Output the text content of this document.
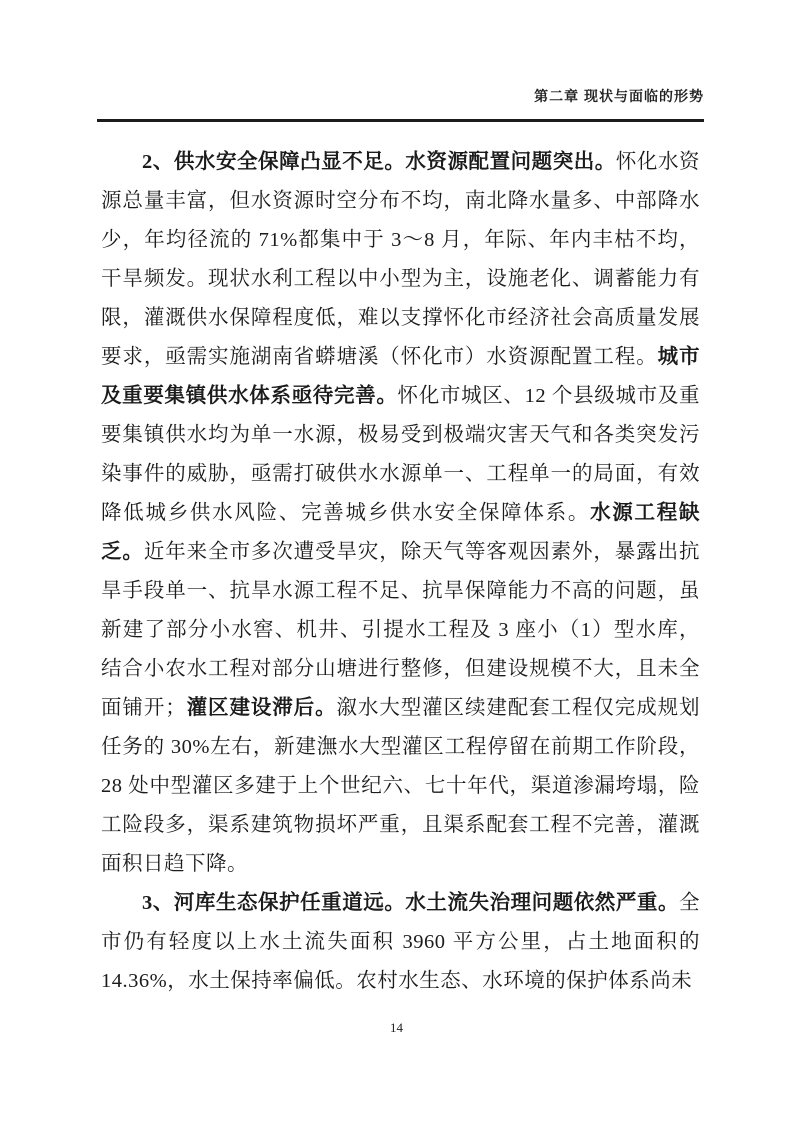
第二章 现状与面临的形势

2、供水安全保障凸显不足。水资源配置问题突出。怀化水资源总量丰富，但水资源时空分布不均，南北降水量多、中部降水少，年均径流的 71%都集中于 3～8 月，年际、年内丰枯不均，干旱频发。现状水利工程以中小型为主，设施老化、调蓄能力有限，灌溉供水保障程度低，难以支撑怀化市经济社会高质量发展要求，亟需实施湖南省蟒塘溪（怀化市）水资源配置工程。城市及重要集镇供水体系亟待完善。怀化市城区、12 个县级城市及重要集镇供水均为单一水源，极易受到极端灾害天气和各类突发污染事件的威胁，亟需打破供水水源单一、工程单一的局面，有效降低城乡供水风险、完善城乡供水安全保障体系。水源工程缺乏。近年来全市多次遭受旱灾，除天气等客观因素外，暴露出抗旱手段单一、抗旱水源工程不足、抗旱保障能力不高的问题，虽新建了部分小水窖、机井、引提水工程及 3 座小（1）型水库，结合小农水工程对部分山塘进行整修，但建设规模不大，且未全面铺开；灌区建设滞后。溆水大型灌区续建配套工程仅完成规划任务的 30%左右，新建潕水大型灌区工程停留在前期工作阶段，28 处中型灌区多建于上个世纪六、七十年代，渠道渗漏垮塌，险工险段多，渠系建筑物损坏严重，且渠系配套工程不完善，灌溉面积日趋下降。

3、河库生态保护任重道远。水土流失治理问题依然严重。全市仍有轻度以上水土流失面积 3960 平方公里，占土地面积的 14.36%，水土保持率偏低。农村水生态、水环境的保护体系尚未

14
